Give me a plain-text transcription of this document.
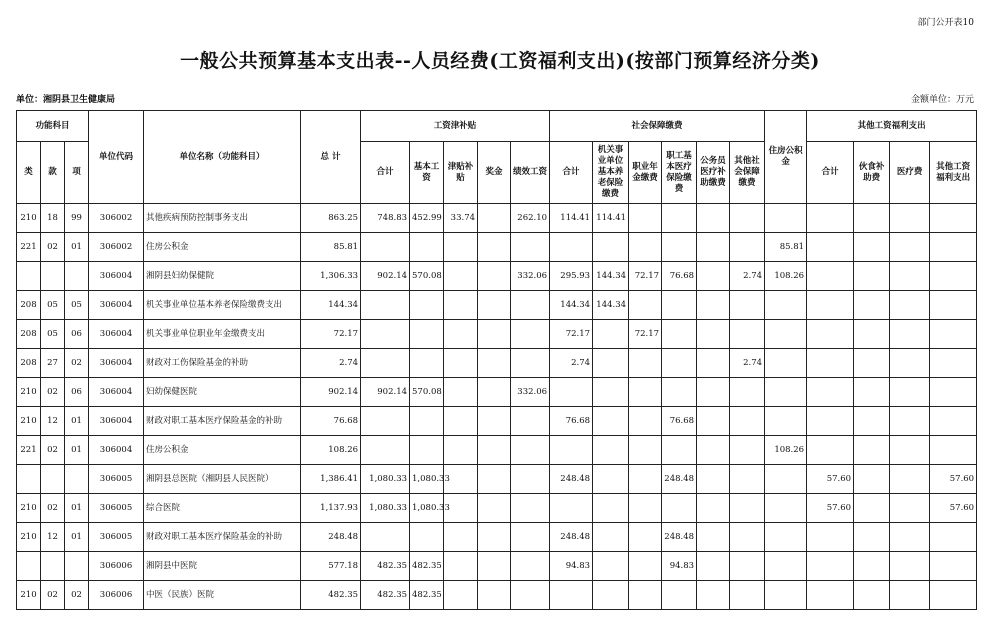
部门公开表10
一般公共预算基本支出表--人员经费(工资福利支出)(按部门预算经济分类)
单位：湘阴县卫生健康局	金额单位：万元
功能科目			单位代码	单位名称（功能科目）	总 计	工资津补贴					社会保障缴费						住房公积金	其他工资福利支出			
类	款	项				合计	基本工资	津贴补贴	奖金	绩效工资	合计	机关事业单位基本养老保险缴费	职业年金缴费	职工基本医疗保险缴费	公务员医疗补助缴费	其他社会保障缴费		合计	伙食补助费	医疗费	其他工资福利支出
210	18	99	306002	其他疾病预防控制事务支出	863.25	748.83	452.99	33.74		262.10	114.41	114.41									
221	02	01	306002	住房公积金	85.81												85.81				
			306004	湘阴县妇幼保健院	1,306.33	902.14	570.08			332.06	295.93	144.34	72.17	76.68		2.74	108.26				
208	05	05	306004	机关事业单位基本养老保险缴费支出	144.34						144.34	144.34									
208	05	06	306004	机关事业单位职业年金缴费支出	72.17						72.17		72.17								
208	27	02	306004	财政对工伤保险基金的补助	2.74						2.74					2.74					
210	02	06	306004	妇幼保健医院	902.14	902.14	570.08			332.06											
210	12	01	306004	财政对职工基本医疗保险基金的补助	76.68						76.68			76.68							
221	02	01	306004	住房公积金	108.26												108.26				
			306005	湘阴县总医院（湘阴县人民医院）	1,386.41	1,080.33	1,080.33				248.48			248.48				57.60			57.60
210	02	01	306005	综合医院	1,137.93	1,080.33	1,080.33											57.60			57.60
210	12	01	306005	财政对职工基本医疗保险基金的补助	248.48						248.48			248.48							
			306006	湘阴县中医院	577.18	482.35	482.35				94.83			94.83							
210	02	02	306006	中医（民族）医院	482.35	482.35	482.35														
